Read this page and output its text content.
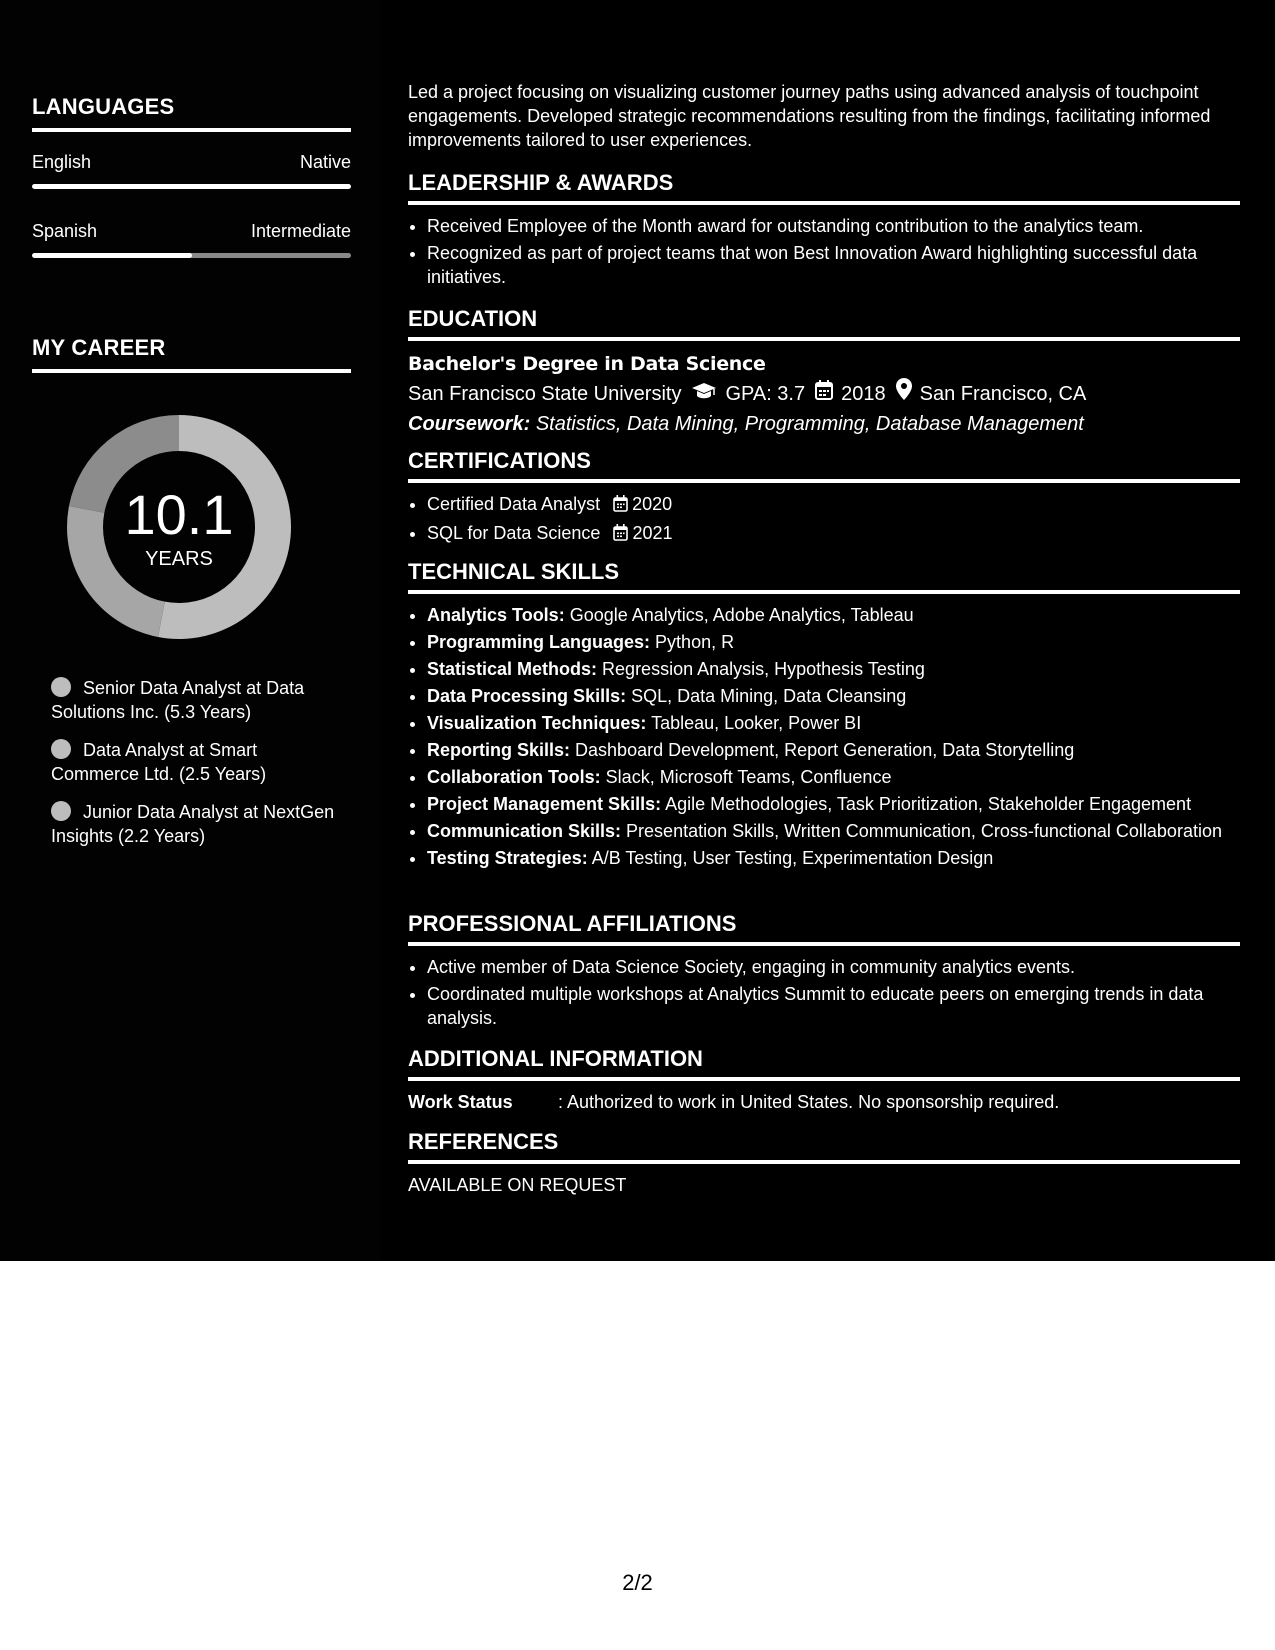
LANGUAGES
English	Native
Spanish	Intermediate
MY CAREER
10.1
YEARS
Senior Data Analyst at Data Solutions Inc. (5.3 Years)
Data Analyst at Smart Commerce Ltd. (2.5 Years)
Junior Data Analyst at NextGen Insights (2.2 Years)
Led a project focusing on visualizing customer journey paths using advanced analysis of touchpoint engagements. Developed strategic recommendations resulting from the findings, facilitating informed improvements tailored to user experiences.
LEADERSHIP & AWARDS
• Received Employee of the Month award for outstanding contribution to the analytics team.
• Recognized as part of project teams that won Best Innovation Award highlighting successful data initiatives.
EDUCATION
Bachelor's Degree in Data Science
San Francisco State University GPA: 3.7 2018 San Francisco, CA
Coursework: Statistics, Data Mining, Programming, Database Management
CERTIFICATIONS
• Certified Data Analyst 2020
• SQL for Data Science 2021
TECHNICAL SKILLS
• Analytics Tools: Google Analytics, Adobe Analytics, Tableau
• Programming Languages: Python, R
• Statistical Methods: Regression Analysis, Hypothesis Testing
• Data Processing Skills: SQL, Data Mining, Data Cleansing
• Visualization Techniques: Tableau, Looker, Power BI
• Reporting Skills: Dashboard Development, Report Generation, Data Storytelling
• Collaboration Tools: Slack, Microsoft Teams, Confluence
• Project Management Skills: Agile Methodologies, Task Prioritization, Stakeholder Engagement
• Communication Skills: Presentation Skills, Written Communication, Cross-functional Collaboration
• Testing Strategies: A/B Testing, User Testing, Experimentation Design
PROFESSIONAL AFFILIATIONS
• Active member of Data Science Society, engaging in community analytics events.
• Coordinated multiple workshops at Analytics Summit to educate peers on emerging trends in data analysis.
ADDITIONAL INFORMATION
Work Status	: Authorized to work in United States. No sponsorship required.
REFERENCES
AVAILABLE ON REQUEST
2/2
